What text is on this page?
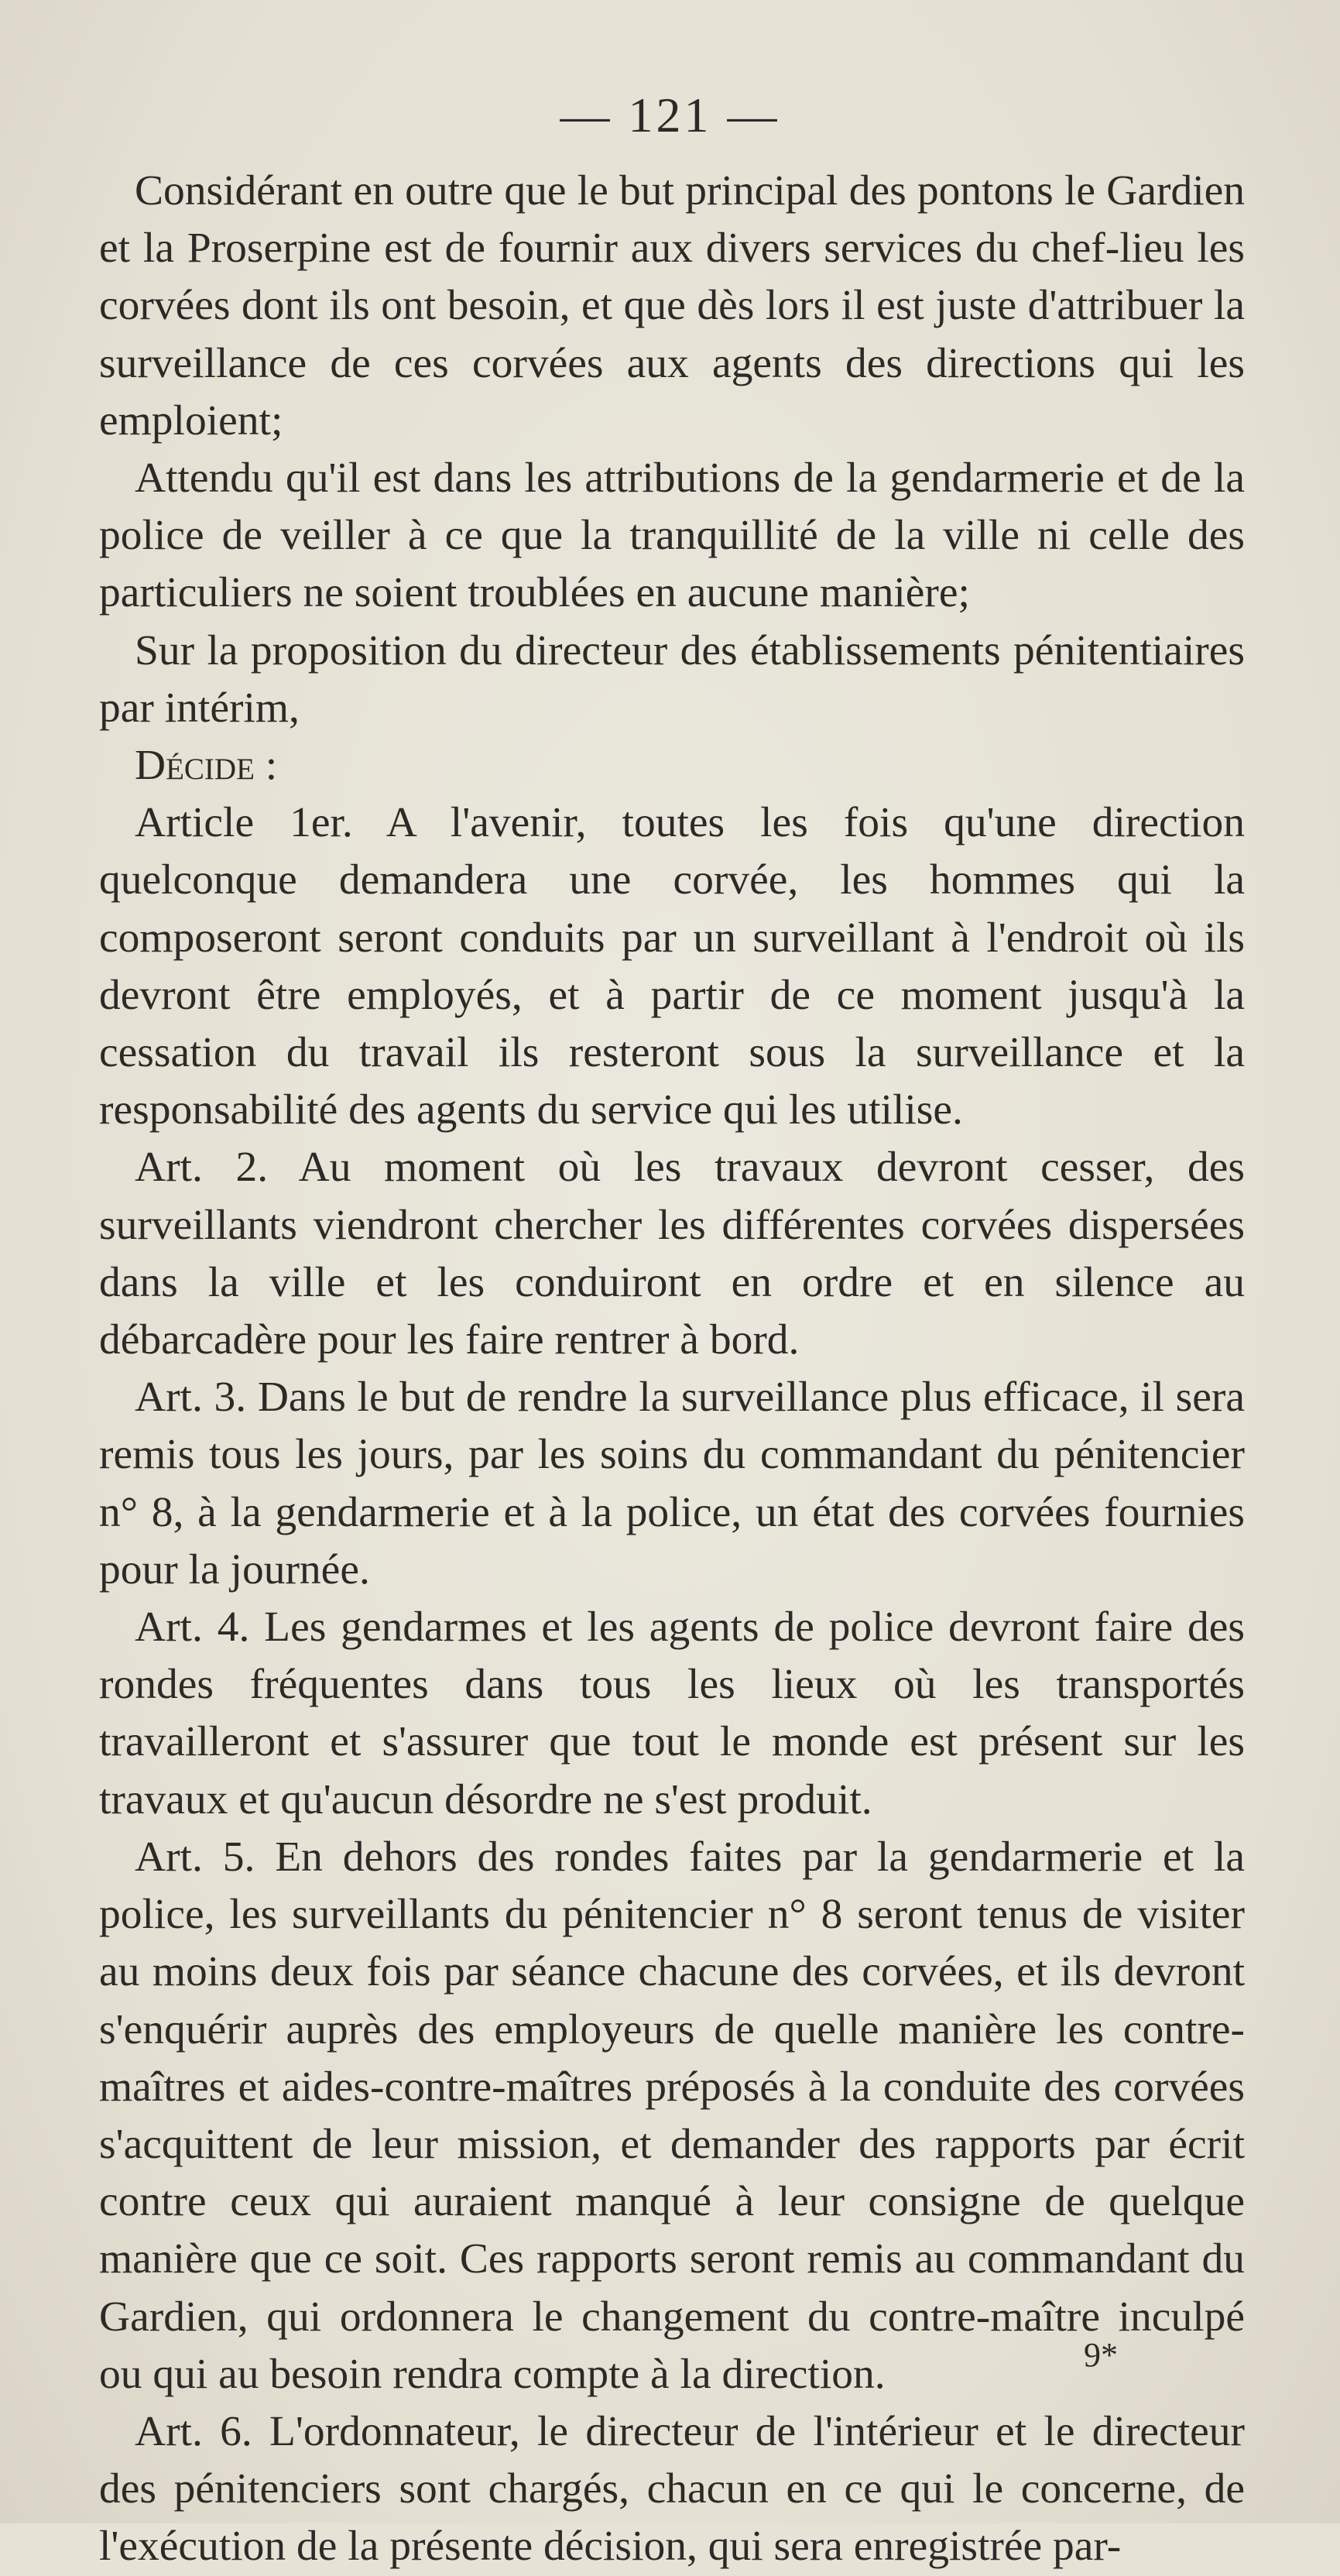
— 121 —

Considérant en outre que le but principal des pontons le Gardien et la Proserpine est de fournir aux divers services du chef-lieu les corvées dont ils ont besoin, et que dès lors il est juste d'attribuer la surveillance de ces corvées aux agents des directions qui les emploient;

Attendu qu'il est dans les attributions de la gendarmerie et de la police de veiller à ce que la tranquillité de la ville ni celle des particuliers ne soient troublées en aucune manière;

Sur la proposition du directeur des établissements pénitentiaires par intérim,

Décide :

Article 1er. A l'avenir, toutes les fois qu'une direction quelconque demandera une corvée, les hommes qui la composeront seront conduits par un surveillant à l'endroit où ils devront être employés, et à partir de ce moment jusqu'à la cessation du travail ils resteront sous la surveillance et la responsabilité des agents du service qui les utilise.

Art. 2. Au moment où les travaux devront cesser, des surveillants viendront chercher les différentes corvées dispersées dans la ville et les conduiront en ordre et en silence au débarcadère pour les faire rentrer à bord.

Art. 3. Dans le but de rendre la surveillance plus efficace, il sera remis tous les jours, par les soins du commandant du pénitencier n° 8, à la gendarmerie et à la police, un état des corvées fournies pour la journée.

Art. 4. Les gendarmes et les agents de police devront faire des rondes fréquentes dans tous les lieux où les transportés travailleront et s'assurer que tout le monde est présent sur les travaux et qu'aucun désordre ne s'est produit.

Art. 5. En dehors des rondes faites par la gendarmerie et la police, les surveillants du pénitencier n° 8 seront tenus de visiter au moins deux fois par séance chacune des corvées, et ils devront s'enquérir auprès des employeurs de quelle manière les contre-maîtres et aides-contre-maîtres préposés à la conduite des corvées s'acquittent de leur mission, et demander des rapports par écrit contre ceux qui auraient manqué à leur consigne de quelque manière que ce soit. Ces rapports seront remis au commandant du Gardien, qui ordonnera le changement du contre-maître inculpé ou qui au besoin rendra compte à la direction.

Art. 6. L'ordonnateur, le directeur de l'intérieur et le directeur des pénitenciers sont chargés, chacun en ce qui le concerne, de l'exécution de la présente décision, qui sera enregistrée par-

9*
